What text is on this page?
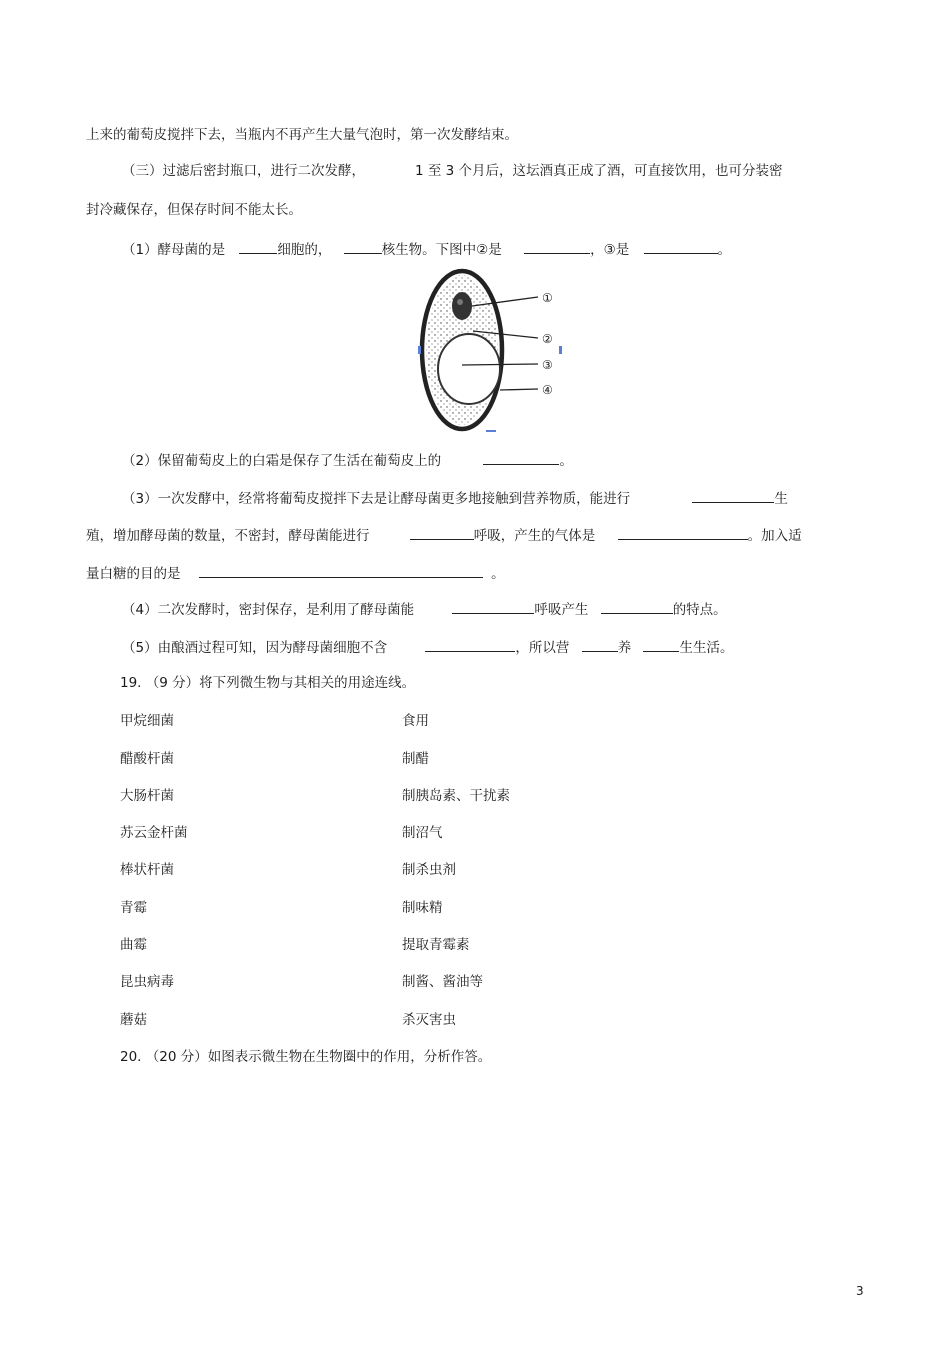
上来的葡萄皮搅拌下去，当瓶内不再产生大量气泡时，第一次发酵结束。
（三）过滤后密封瓶口，进行二次发酵，	1 至 3 个月后，这坛酒真正成了酒，可直接饮用，也可分装密
封冷藏保存，但保存时间不能太长。
（1）酵母菌的是	细胞的，	核生物。下图中②是	，③是	。
①
②
③
④
（2）保留葡萄皮上的白霜是保存了生活在葡萄皮上的	。
（3）一次发酵中，经常将葡萄皮搅拌下去是让酵母菌更多地接触到营养物质，能进行	生
殖，增加酵母菌的数量，不密封，酵母菌能进行	呼吸，产生的气体是	。加入适
量白糖的目的是	。
（4）二次发酵时，密封保存，是利用了酵母菌能	呼吸产生	的特点。
（5）由酿酒过程可知，因为酵母菌细胞不含	，所以营	养	生生活。
19. （9 分）将下列微生物与其相关的用途连线。
甲烷细菌	食用
醋酸杆菌	制醋
大肠杆菌	制胰岛素、干扰素
苏云金杆菌	制沼气
棒状杆菌	制杀虫剂
青霉	制味精
曲霉	提取青霉素
昆虫病毒	制酱、酱油等
蘑菇	杀灭害虫
20. （20 分）如图表示微生物在生物圈中的作用，分析作答。
3
